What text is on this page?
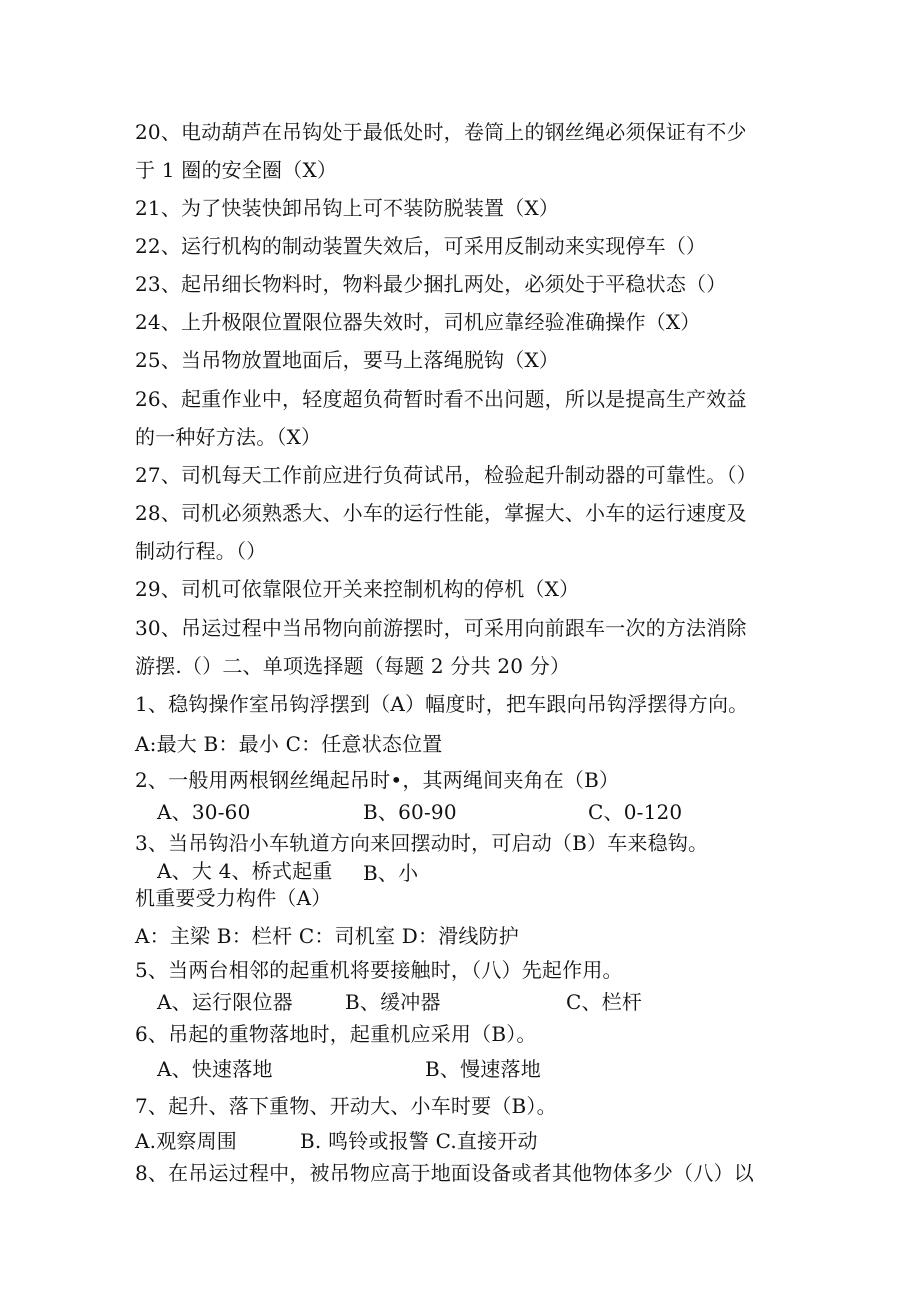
20、电动葫芦在吊钩处于最低处时，卷筒上的钢丝绳必须保证有不少

于 1 圈的安全圈（X）

21、为了快装快卸吊钩上可不装防脱装置（X）

22、运行机构的制动装置失效后，可采用反制动来实现停车（）

23、起吊细长物料时，物料最少捆扎两处，必须处于平稳状态（）

24、上升极限位置限位器失效时，司机应靠经验准确操作（X）

25、当吊物放置地面后，要马上落绳脱钩（X）

26、起重作业中，轻度超负荷暂时看不出问题，所以是提高生产效益

的一种好方法。（X）

27、司机每天工作前应进行负荷试吊，检验起升制动器的可靠性。（）

28、司机必须熟悉大、小车的运行性能，掌握大、小车的运行速度及

制动行程。（）

29、司机可依靠限位开关来控制机构的停机（X）

30、吊运过程中当吊物向前游摆时，可采用向前跟车一次的方法消除

游摆.（）二、单项选择题（每题 2 分共 20 分）

1、稳钩操作室吊钩浮摆到（A）幅度时，把车跟向吊钩浮摆得方向。

A:最大 B：最小 C：任意状态位置

2、一般用两根钢丝绳起吊时•，其两绳间夹角在（B）

A、30-60	B、60-90	C、0-120

3、当吊钩沿小车轨道方向来回摆动时，可启动（B）车来稳钩。

A、大 4、桥式起重 B、小

机重要受力构件（A）

A：主梁 B：栏杆 C：司机室 D：滑线防护

5、当两台相邻的起重机将要接触时，（八）先起作用。

A、运行限位器	B、缓冲器	C、栏杆

6、吊起的重物落地时，起重机应采用（B）。

A、快速落地	B、慢速落地

7、起升、落下重物、开动大、小车时要（B）。

A.观察周围	B. 鸣铃或报警 C.直接开动

8、在吊运过程中，被吊物应高于地面设备或者其他物体多少（八）以
